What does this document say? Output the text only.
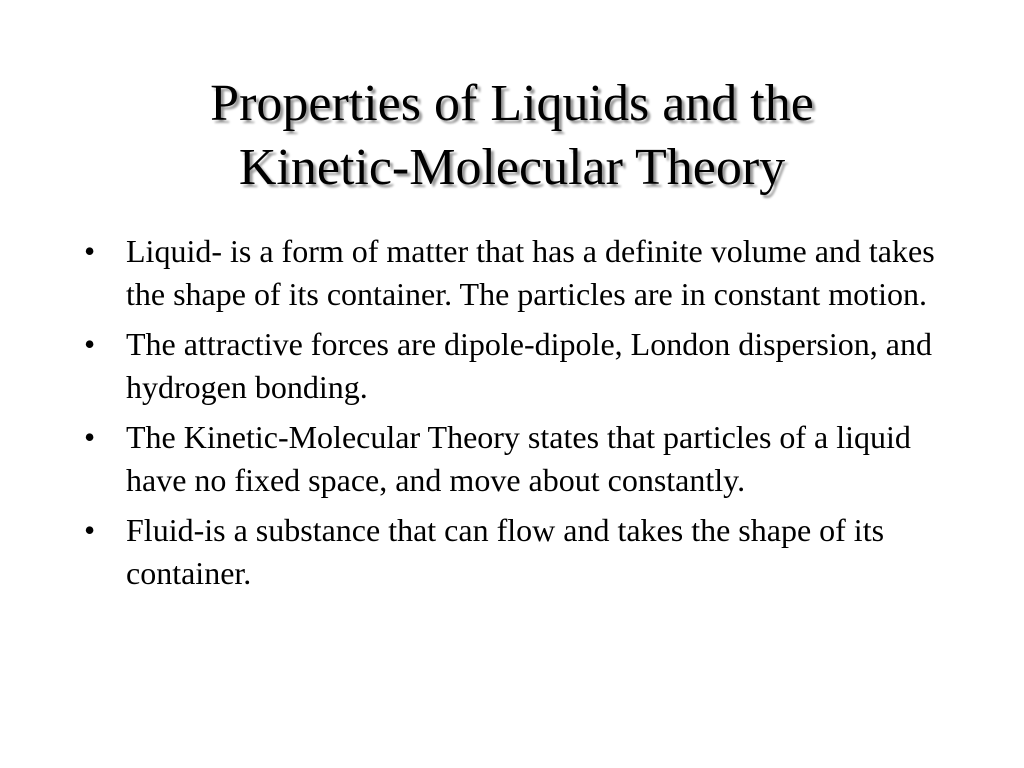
Properties of Liquids and the
Kinetic-Molecular Theory
• Liquid- is a form of matter that has a definite volume and takes the shape of its container. The particles are in constant motion.
• The attractive forces are dipole-dipole, London dispersion, and hydrogen bonding.
• The Kinetic-Molecular Theory states that particles of a liquid have no fixed space, and move about constantly.
• Fluid-is a substance that can flow and takes the shape of its container.
